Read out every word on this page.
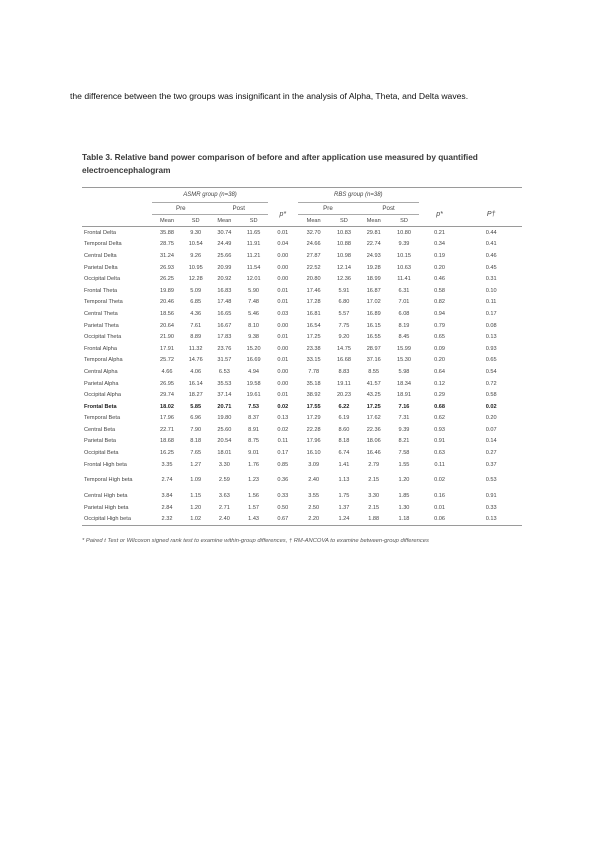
the difference between the two groups was insignificant in the analysis of Alpha, Theta, and Delta waves.
Table 3. Relative band power comparison of before and after application use measured by quantified electroencephalogram
	ASMR group (n=38)					RBS group (n=38)					
	Pre		Post		p*	Pre		Post		p*	P†
	Mean	SD	Mean	SD		Mean	SD	Mean	SD		
Frontal Delta	35.88	9.30	30.74	11.65	0.01	32.70	10.83	29.81	10.80	0.21	0.44
Temporal Delta	28.75	10.54	24.49	11.91	0.04	24.66	10.88	22.74	9.39	0.34	0.41
Central Delta	31.24	9.26	25.66	11.21	0.00	27.87	10.98	24.93	10.15	0.19	0.46
Parietal Delta	26.93	10.95	20.99	11.54	0.00	22.52	12.14	19.28	10.63	0.20	0.45
Occipital Delta	26.25	12.28	20.92	12.01	0.00	20.80	12.36	18.99	11.41	0.46	0.31
Frontal Theta	19.89	5.09	16.83	5.90	0.01	17.46	5.91	16.87	6.31	0.58	0.10
Temporal Theta	20.46	6.85	17.48	7.48	0.01	17.28	6.80	17.02	7.01	0.82	0.11
Central Theta	18.56	4.36	16.65	5.46	0.03	16.81	5.57	16.89	6.08	0.94	0.17
Parietal Theta	20.64	7.61	16.67	8.10	0.00	16.54	7.75	16.15	8.19	0.79	0.08
Occipital Theta	21.90	8.89	17.83	9.38	0.01	17.25	9.20	16.55	8.45	0.65	0.13
Frontal Alpha	17.91	11.32	23.76	15.20	0.00	23.38	14.75	28.97	15.99	0.09	0.93
Temporal Alpha	25.72	14.76	31.57	16.69	0.01	33.15	16.68	37.16	15.30	0.20	0.65
Central Alpha	4.66	4.06	6.53	4.94	0.00	7.78	8.83	8.55	5.98	0.64	0.54
Parietal Alpha	26.95	16.14	35.53	19.58	0.00	35.18	19.11	41.57	18.34	0.12	0.72
Occipital Alpha	29.74	18.27	37.14	19.61	0.01	38.92	20.23	43.25	18.91	0.29	0.58
Frontal Beta	18.02	5.85	20.71	7.53	0.02	17.55	6.22	17.25	7.16	0.68	0.02
Temporal Beta	17.96	6.96	19.80	8.37	0.13	17.29	6.19	17.62	7.31	0.62	0.20
Central Beta	22.71	7.90	25.60	8.91	0.02	22.28	8.60	22.36	9.39	0.93	0.07
Parietal Beta	18.68	8.18	20.54	8.75	0.11	17.96	8.18	18.06	8.21	0.91	0.14
Occipital Beta	16.25	7.65	18.01	9.01	0.17	16.10	6.74	16.46	7.58	0.63	0.27
Frontal High beta	3.35	1.27	3.30	1.76	0.85	3.09	1.41	2.79	1.55	0.11	0.37
Temporal High beta	2.74	1.09	2.59	1.23	0.36	2.40	1.13	2.15	1.20	0.02	0.53
Central High beta	3.84	1.15	3.63	1.56	0.33	3.55	1.75	3.30	1.85	0.16	0.91
Parietal High beta	2.84	1.20	2.71	1.57	0.50	2.50	1.37	2.15	1.30	0.01	0.33
Occipital High beta	2.32	1.02	2.40	1.43	0.67	2.20	1.24	1.88	1.18	0.06	0.13
* Paired t Test or Wilcoxon signed rank test to examine within-group differences, † RM-ANCOVA to examine between-group differences
